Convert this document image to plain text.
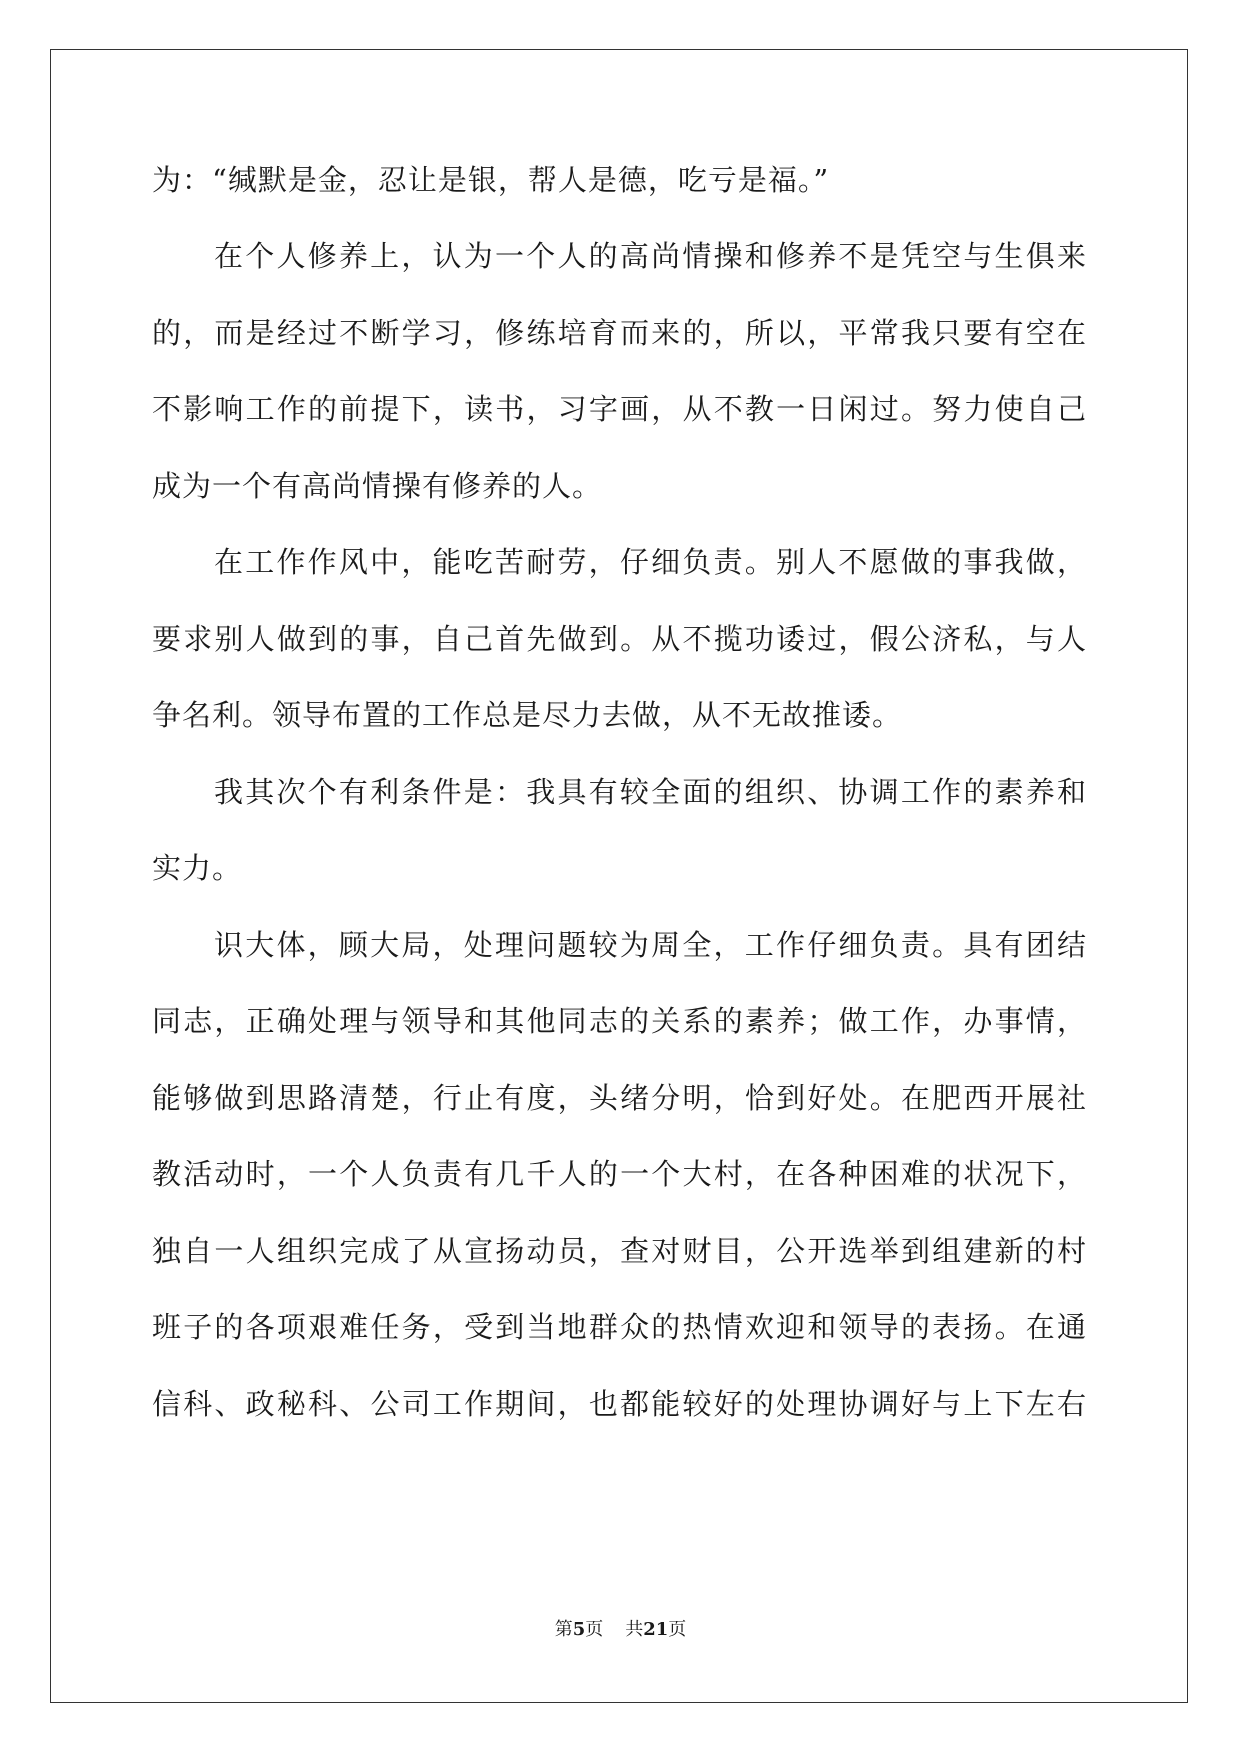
为：“缄默是金，忍让是银，帮人是德，吃亏是福。”
在个人修养上，认为一个人的高尚情操和修养不是凭空与生俱来
的，而是经过不断学习，修练培育而来的，所以，平常我只要有空在
不影响工作的前提下，读书，习字画，从不教一日闲过。努力使自己
成为一个有高尚情操有修养的人。
在工作作风中，能吃苦耐劳，仔细负责。别人不愿做的事我做，
要求别人做到的事，自己首先做到。从不揽功诿过，假公济私，与人
争名利。领导布置的工作总是尽力去做，从不无故推诿。
我其次个有利条件是：我具有较全面的组织、协调工作的素养和
实力。
识大体，顾大局，处理问题较为周全，工作仔细负责。具有团结
同志，正确处理与领导和其他同志的关系的素养；做工作，办事情，
能够做到思路清楚，行止有度，头绪分明，恰到好处。在肥西开展社
教活动时，一个人负责有几千人的一个大村，在各种困难的状况下，
独自一人组织完成了从宣扬动员，查对财目，公开选举到组建新的村
班子的各项艰难任务，受到当地群众的热情欢迎和领导的表扬。在通
信科、政秘科、公司工作期间，也都能较好的处理协调好与上下左右
第5页 共21页
